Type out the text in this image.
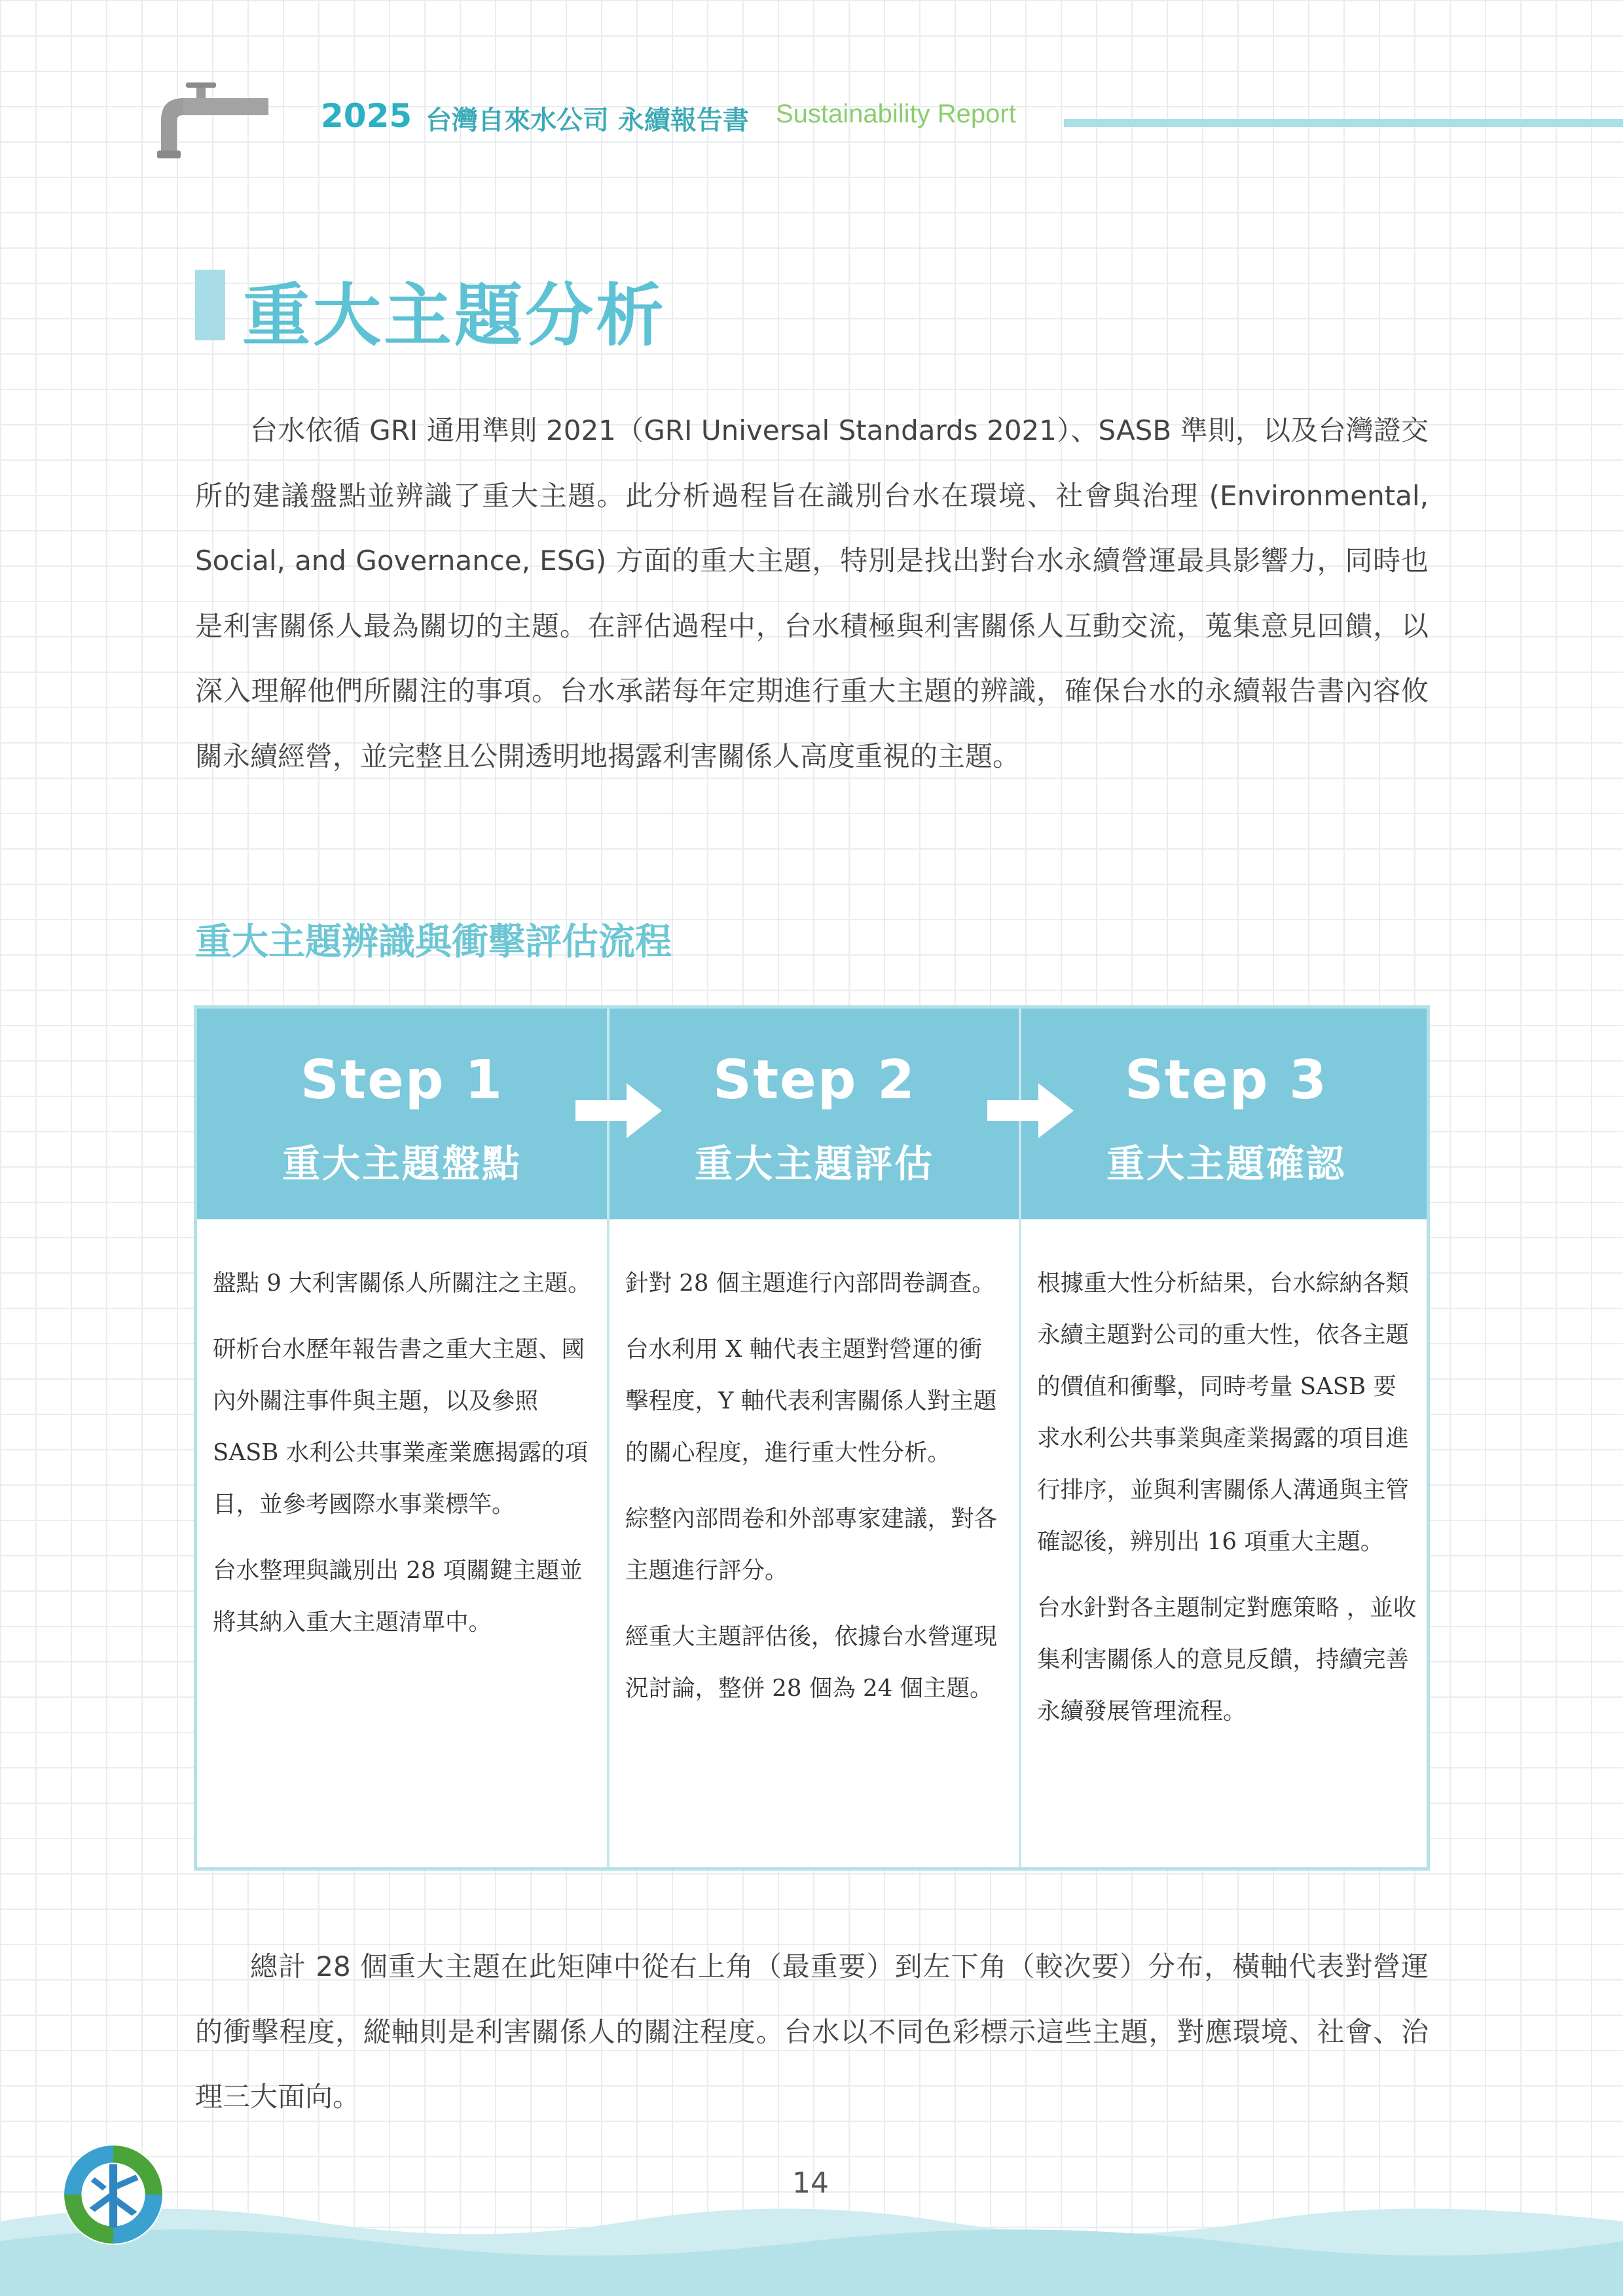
2025 台灣自來水公司 永續報告書 Sustainability Report
重大主題分析

台水依循 GRI 通用準則 2021（GRI Universal Standards 2021）、SASB 準則，以及台灣證交所的建議盤點並辨識了重大主題。此分析過程旨在識別台水在環境、社會與治理 (Environmental, Social, and Governance, ESG) 方面的重大主題，特別是找出對台水永續營運最具影響力，同時也是利害關係人最為關切的主題。在評估過程中，台水積極與利害關係人互動交流，蒐集意見回饋，以深入理解他們所關注的事項。台水承諾每年定期進行重大主題的辨識，確保台水的永續報告書內容攸關永續經營，並完整且公開透明地揭露利害關係人高度重視的主題。

重大主題辨識與衝擊評估流程
Step 1
重大主題盤點
Step 2
重大主題評估
Step 3
重大主題確認

盤點 9 大利害關係人所關注之主題。

研析台水歷年報告書之重大主題、國內外關注事件與主題，以及參照 SASB 水利公共事業產業應揭露的項目，並參考國際水事業標竿。

台水整理與識別出 28 項關鍵主題並將其納入重大主題清單中。

針對 28 個主題進行內部問卷調查。

台水利用 X 軸代表主題對營運的衝擊程度，Y 軸代表利害關係人對主題的關心程度，進行重大性分析。

綜整內部問卷和外部專家建議，對各主題進行評分。

經重大主題評估後，依據台水營運現況討論，整併 28 個為 24 個主題。

根據重大性分析結果，台水綜納各類永續主題對公司的重大性，依各主題的價值和衝擊，同時考量 SASB 要求水利公共事業與產業揭露的項目進行排序，並與利害關係人溝通與主管確認後，辨別出 16 項重大主題。

台水針對各主題制定對應策略 ，並收集利害關係人的意見反饋，持續完善永續發展管理流程。

總計 28 個重大主題在此矩陣中從右上角（最重要）到左下角（較次要）分布，橫軸代表對營運的衝擊程度，縱軸則是利害關係人的關注程度。台水以不同色彩標示這些主題，對應環境、社會、治理三大面向。

14
